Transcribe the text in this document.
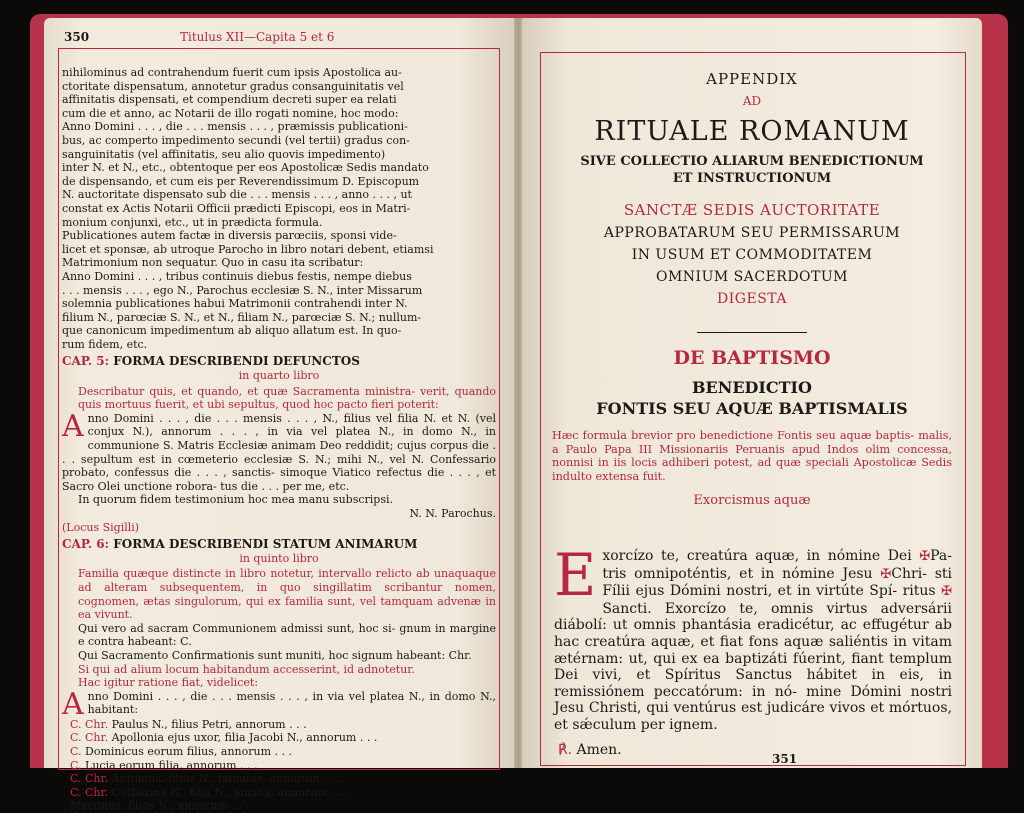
350	Titulus XII—Capita 5 et 6

nihilominus ad contrahendum fuerit cum ipsis Apostolica au-

ctoritate dispensatum, annotetur gradus consanguinitatis vel

affinitatis dispensati, et compendium decreti super ea relati

cum die et anno, ac Notarii de illo rogati nomine, hoc modo:

Anno Domini . . . , die . . . mensis . . . , præmissis publicationi-

bus, ac comperto impedimento secundi (vel tertii) gradus con-

sanguinitatis (vel affinitatis, seu alio quovis impedimento)

inter N. et N., etc., obtentoque per eos Apostolicæ Sedis mandato

de dispensando, et cum eis per Reverendissimum D. Episcopum

N. auctoritate dispensato sub die . . . mensis . . . , anno . . . , ut

constat ex Actis Notarii Officii prædicti Episcopi, eos in Matri-

monium conjunxi, etc., ut in prædicta formula.

Publicationes autem factæ in diversis parœciis, sponsi vide-

licet et sponsæ, ab utroque Parocho in libro notari debent, etiamsi

Matrimonium non sequatur. Quo in casu ita scribatur:

Anno Domini . . . , tribus continuis diebus festis, nempe diebus

. . . mensis . . . , ego N., Parochus ecclesiæ S. N., inter Missarum

solemnia publicationes habui Matrimonii contrahendi inter N.

filium N., parœciæ S. N., et N., filiam N., parœciæ S. N.; nullum-

que canonicum impedimentum ab aliquo allatum est. In quo-

rum fidem, etc.

CAP. 5: FORMA DESCRIBENDI DEFUNCTOS

in quarto libro

Describatur quis, et quando, et quæ Sacramenta ministra- verit, quando quis mortuus fuerit, et ubi sepultus, quod hoc pacto fieri poterit:

Anno Domini . . . , die . . . mensis . . . , N., filius vel filia N. et N. (vel conjux N.), annorum . . . , in via vel platea N., in domo N., in communione S. Matris Ecclesiæ animam Deo reddidit; cujus corpus die . . . sepultum est in cœmeterio ecclesiæ S. N.; mihi N., vel N. Confessario probato, confessus die . . . , sanctis- simoque Viatico refectus die . . . , et Sacro Olei unctione robora- tus die . . . per me, etc.

In quorum fidem testimonium hoc mea manu subscripsi.

N. N. Parochus.

(Locus Sigilli)

CAP. 6: FORMA DESCRIBENDI STATUM ANIMARUM

in quinto libro

Familia quæque distincte in libro notetur, intervallo relicto ab unaquaque ad alteram subsequentem, in quo singillatim scribantur nomen, cognomen, ætas singulorum, qui ex familia sunt, vel tamquam advenæ in ea vivunt.

Qui vero ad sacram Communionem admissi sunt, hoc si- gnum in margine e contra habeant: C.

Qui Sacramento Confirmationis sunt muniti, hoc signum habeant: Chr.

Si qui ad alium locum habitandum accesserint, id adnotetur.

Hac igitur ratione fiat, videlicet:

Anno Domini . . . , die . . . mensis . . . , in via vel platea N., in domo N., habitant:

C. Chr. Paulus N., filius Petri, annorum . . .

C. Chr. Apollonia ejus uxor, filia Jacobi N., annorum . . .

C. Dominicus eorum filius, annorum . . .

C. Lucia eorum filia, annorum . . .

C. Chr. Antonius, filius N., famulus, annorum . . .

C. Chr. Catharina N., filia N., ancilla, annorum . . .

Martinus, filius N., annorum . . .

APPENDIX
AD
RITUALE ROMANUM
SIVE COLLECTIO ALIARUM BENEDICTIONUM
ET INSTRUCTIONUM
SANCTÆ SEDIS AUCTORITATE
APPROBATARUM SEU PERMISSARUM
IN USUM ET COMMODITATEM
OMNIUM SACERDOTUM
DIGESTA
DE BAPTISMO
BENEDICTIO
FONTIS SEU AQUÆ BAPTISMALIS
Hæc formula brevior pro benedictione Fontis seu aquæ baptis- malis, a Paulo Papa III Missionariis Peruanis apud Indos olim concessa, nonnisi in iis locis adhiberi potest, ad quæ speciali Apostolicæ Sedis indulto extensa fuit.
Exorcismus aquæ
Exorcízo te, creatúra aquæ, in nómine Dei ✠Pa- tris omnipoténtis, et in nómine Jesu ✠Chri- sti Fílii ejus Dómini nostri, et in virtúte Spí- ritus ✠ Sancti. Exorcízo te, omnis virtus adversárii diábolí: ut omnis phantásia eradicétur, ac effugétur ab hac creatúra aquæ, et fiat fons aquæ saliéntis in vitam ætérnam: ut, qui ex ea baptizáti fúerint, fiant templum Dei vivi, et Spíritus Sanctus hábitet in eis, in remissiónem peccatórum: in nó- mine Dómini nostri Jesu Christi, qui ventúrus est judicáre vivos et mórtuos, et sǽculum per ignem.
℟. Amen.
351
